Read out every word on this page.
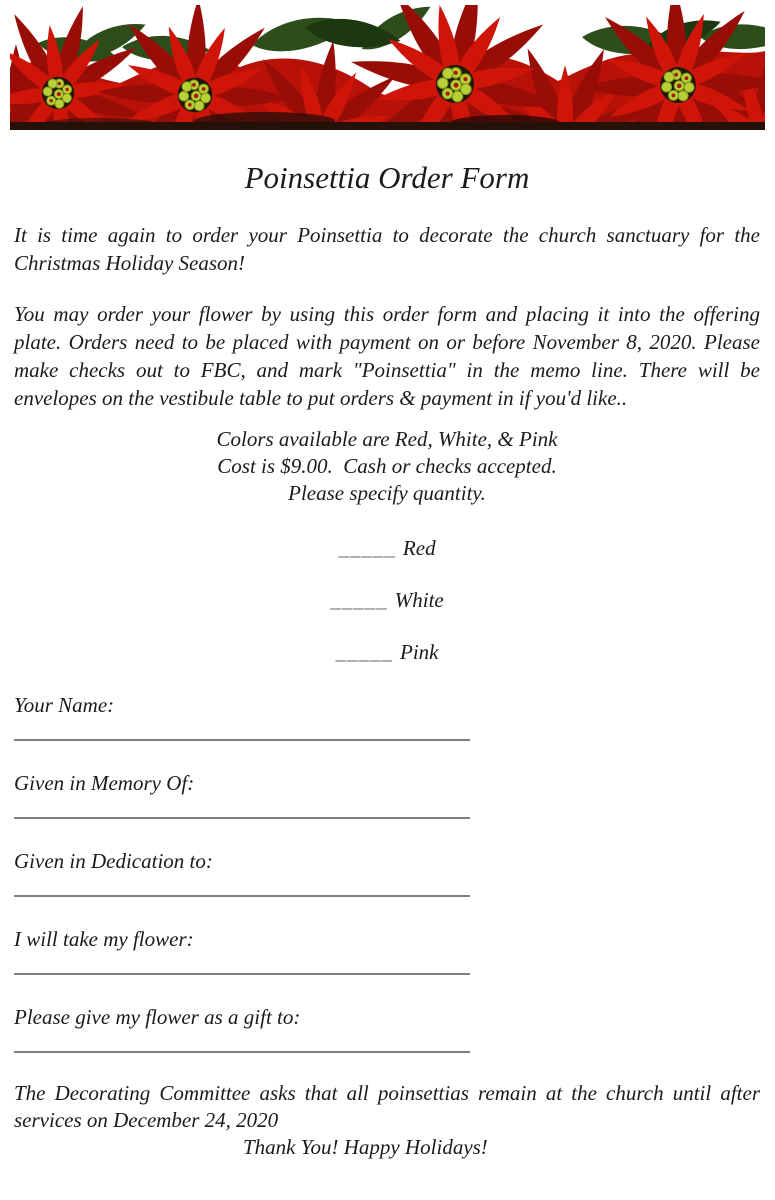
Poinsettia Order Form

It is time again to order your Poinsettia to decorate the church sanctuary for the Christmas Holiday Season!

You may order your flower by using this order form and placing it into the offering plate. Orders need to be placed with payment on or before November 8, 2020. Please make checks out to FBC, and mark "Poinsettia" in the memo line. There will be envelopes on the vestibule table to put orders & payment in if you'd like..

Colors available are Red, White, & Pink
Cost is $9.00.  Cash or checks accepted.
Please specify quantity.
_____ Red
_____ White
_____ Pink
Your Name:
Given in Memory Of:
Given in Dedication to:
I will take my flower:
Please give my flower as a gift to:

The Decorating Committee asks that all poinsettias remain at the church until after services on December 24, 2020

Thank You! Happy Holidays!
